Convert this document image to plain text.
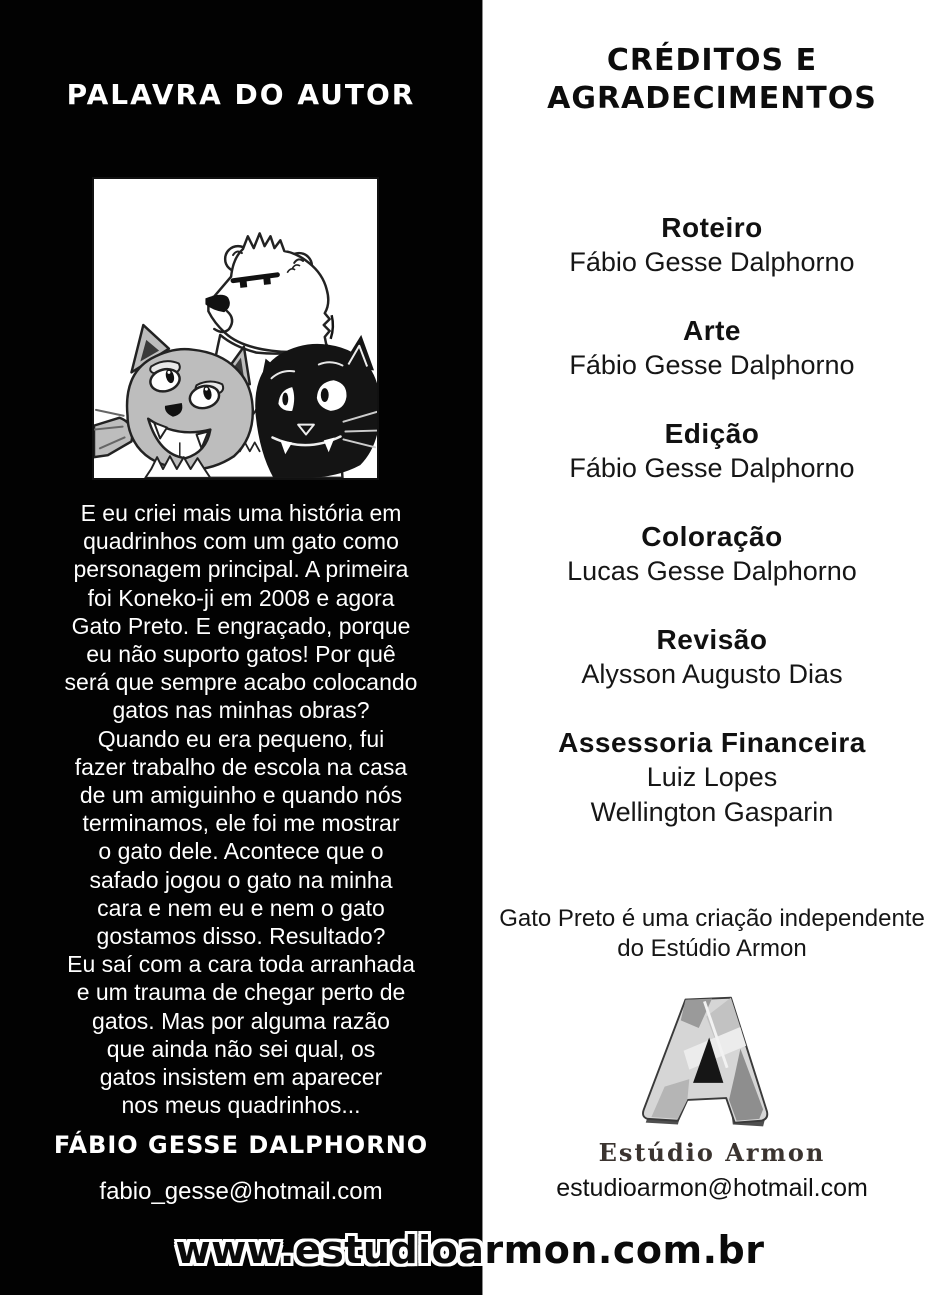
PALAVRA DO AUTOR
E eu criei mais uma história em
quadrinhos com um gato como
personagem principal. A primeira
foi Koneko-ji em 2008 e agora
Gato Preto. E engraçado, porque
eu não suporto gatos! Por quê
será que sempre acabo colocando
gatos nas minhas obras?
Quando eu era pequeno, fui
fazer trabalho de escola na casa
de um amiguinho e quando nós
terminamos, ele foi me mostrar
o gato dele. Acontece que o
safado jogou o gato na minha
cara e nem eu e nem o gato
gostamos disso. Resultado?
Eu saí com a cara toda arranhada
e um trauma de chegar perto de
gatos. Mas por alguma razão
que ainda não sei qual, os
gatos insistem em aparecer
nos meus quadrinhos...
FÁBIO GESSE DALPHORNO
fabio_gesse@hotmail.com
CRÉDITOS E
AGRADECIMENTOS
Roteiro
Fábio Gesse Dalphorno
Arte
Fábio Gesse Dalphorno
Edição
Fábio Gesse Dalphorno
Coloração
Lucas Gesse Dalphorno
Revisão
Alysson Augusto Dias
Assessoria Financeira
Luiz Lopes
Wellington Gasparin
Gato Preto é uma criação independente
do Estúdio Armon
Estúdio Armon
estudioarmon@hotmail.com
www.estudioarmon.com.br
